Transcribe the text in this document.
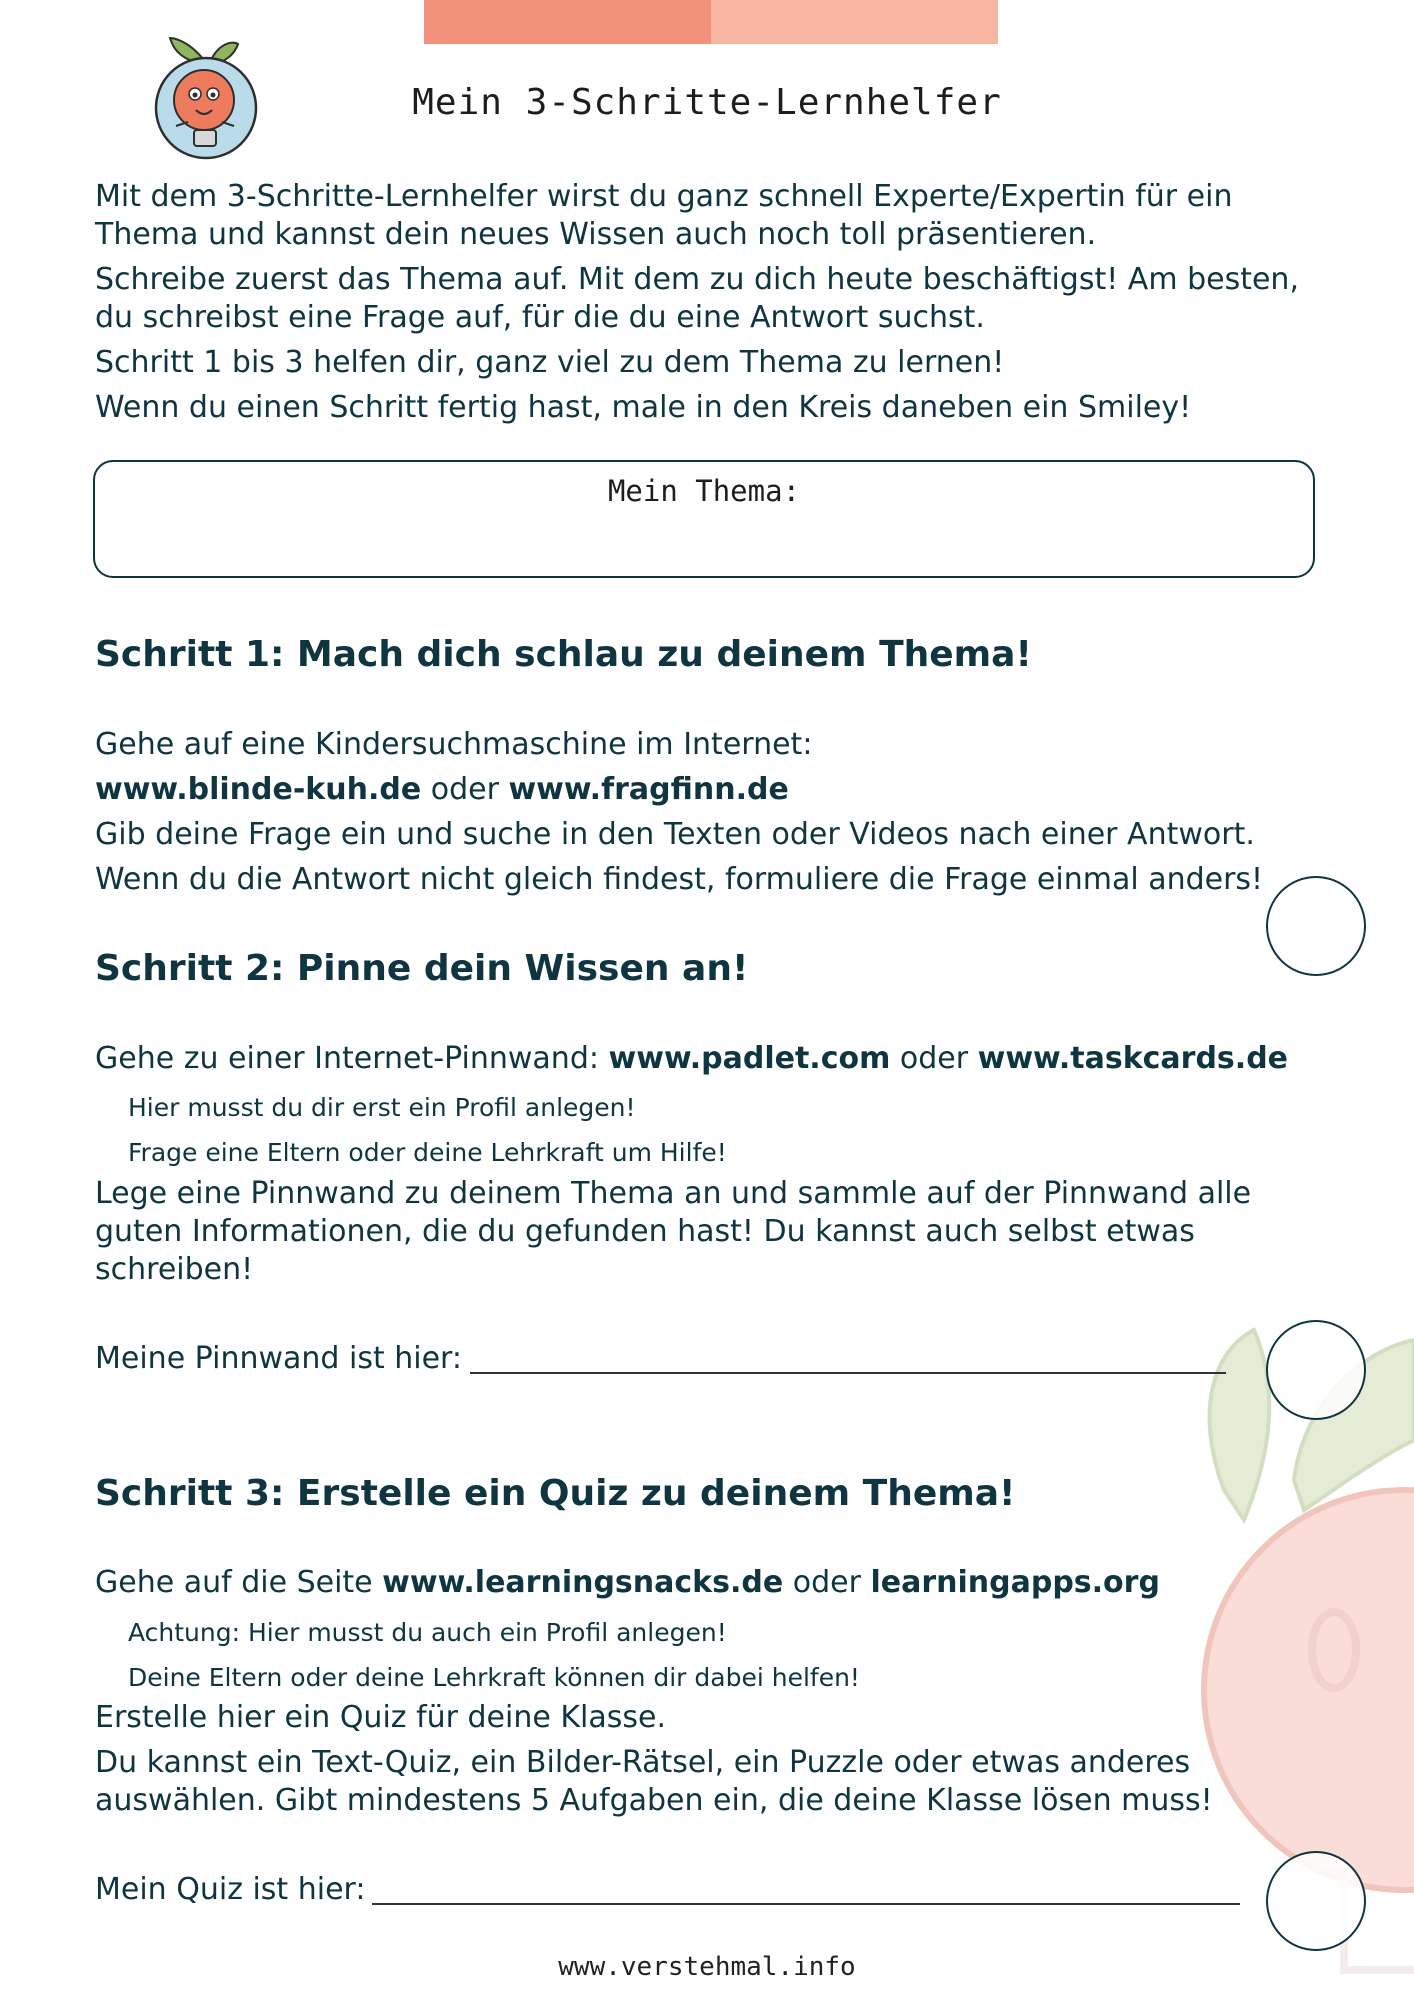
Mein 3-Schritte-Lernhelfer

Mit dem 3-Schritte-Lernhelfer wirst du ganz schnell Experte/Expertin für ein

Thema und kannst dein neues Wissen auch noch toll präsentieren.

Schreibe zuerst das Thema auf. Mit dem zu dich heute beschäftigst! Am besten,

du schreibst eine Frage auf, für die du eine Antwort suchst.

Schritt 1 bis 3 helfen dir, ganz viel zu dem Thema zu lernen!

Wenn du einen Schritt fertig hast, male in den Kreis daneben ein Smiley!

Mein Thema:
Schritt 1: Mach dich schlau zu deinem Thema!

Gehe auf eine Kindersuchmaschine im Internet:

www.blinde-kuh.de oder www.fragfinn.de

Gib deine Frage ein und suche in den Texten oder Videos nach einer Antwort.

Wenn du die Antwort nicht gleich findest, formuliere die Frage einmal anders!

Schritt 2: Pinne dein Wissen an!

Gehe zu einer Internet-Pinnwand: www.padlet.com oder www.taskcards.de

Hier musst du dir erst ein Profil anlegen!

Frage eine Eltern oder deine Lehrkraft um Hilfe!

Lege eine Pinnwand zu deinem Thema an und sammle auf der Pinnwand alle

guten Informationen, die du gefunden hast! Du kannst auch selbst etwas

schreiben!

Meine Pinnwand ist hier:

Schritt 3: Erstelle ein Quiz zu deinem Thema!

Gehe auf die Seite www.learningsnacks.de oder learningapps.org

Achtung: Hier musst du auch ein Profil anlegen!

Deine Eltern oder deine Lehrkraft können dir dabei helfen!

Erstelle hier ein Quiz für deine Klasse.

Du kannst ein Text-Quiz, ein Bilder-Rätsel, ein Puzzle oder etwas anderes

auswählen. Gibt mindestens 5 Aufgaben ein, die deine Klasse lösen muss!

Mein Quiz ist hier:

www.verstehmal.info
